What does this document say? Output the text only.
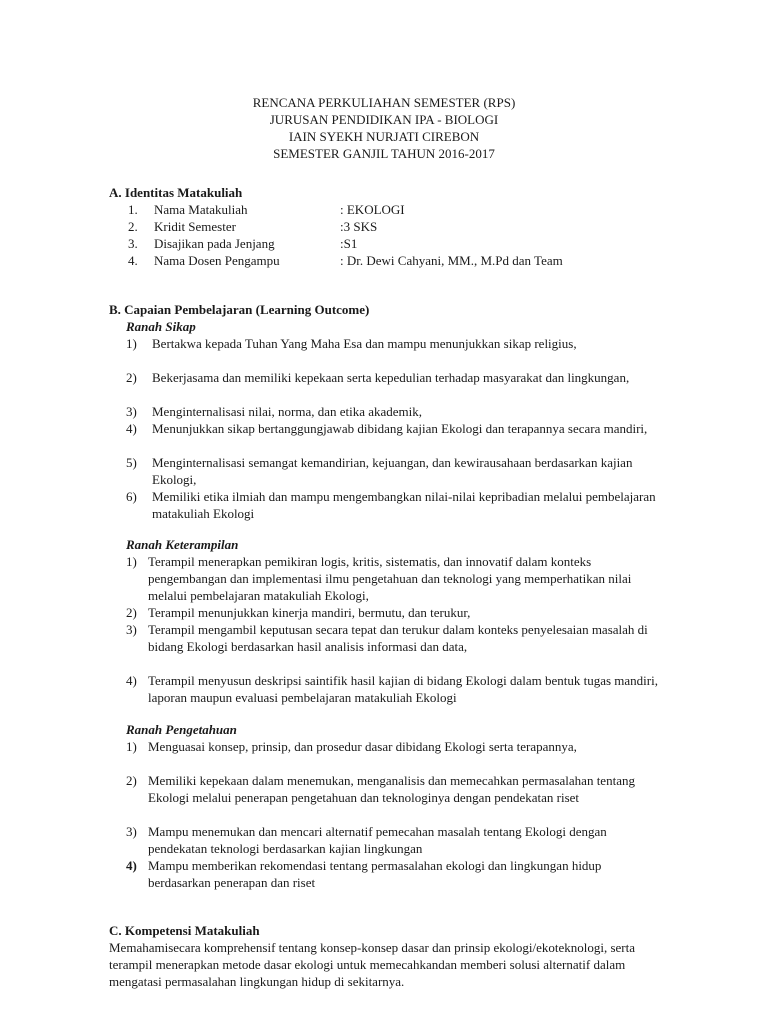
RENCANA PERKULIAHAN SEMESTER (RPS)
JURUSAN PENDIDIKAN IPA - BIOLOGI
IAIN SYEKH NURJATI CIREBON
SEMESTER GANJIL TAHUN 2016-2017
A. Identitas Matakuliah
1.	Nama Matakuliah	: EKOLOGI
2.	Kridit Semester	:3 SKS
3.	Disajikan pada Jenjang	:S1
4.	Nama Dosen Pengampu	: Dr. Dewi Cahyani, MM., M.Pd dan Team
B. Capaian Pembelajaran (Learning Outcome)
Ranah Sikap
1) Bertakwa kepada Tuhan Yang Maha Esa dan mampu menunjukkan sikap religius,
2) Bekerjasama dan memiliki kepekaan serta kepedulian terhadap masyarakat dan lingkungan,
3) Menginternalisasi nilai, norma, dan etika akademik,
4) Menunjukkan sikap bertanggungjawab dibidang kajian Ekologi dan terapannya secara mandiri,
5) Menginternalisasi semangat kemandirian, kejuangan, dan kewirausahaan berdasarkan kajian Ekologi,
6) Memiliki etika ilmiah dan mampu mengembangkan nilai-nilai kepribadian melalui pembelajaran matakuliah Ekologi
Ranah Keterampilan
1) Terampil menerapkan pemikiran logis, kritis, sistematis, dan innovatif dalam konteks pengembangan dan implementasi ilmu pengetahuan dan teknologi yang memperhatikan nilai melalui pembelajaran matakuliah Ekologi,
2) Terampil menunjukkan kinerja mandiri, bermutu, dan terukur,
3) Terampil mengambil keputusan secara tepat dan terukur dalam konteks penyelesaian masalah di bidang Ekologi berdasarkan hasil analisis informasi dan data,
4) Terampil menyusun deskripsi saintifik hasil kajian di bidang Ekologi dalam bentuk tugas mandiri, laporan maupun evaluasi pembelajaran matakuliah Ekologi
Ranah Pengetahuan
1) Menguasai konsep, prinsip, dan prosedur dasar dibidang Ekologi serta terapannya,
2) Memiliki kepekaan dalam menemukan, menganalisis dan memecahkan permasalahan tentang Ekologi melalui penerapan pengetahuan dan teknologinya dengan pendekatan riset
3) Mampu menemukan dan mencari alternatif pemecahan masalah tentang Ekologi dengan pendekatan teknologi berdasarkan kajian lingkungan
4) Mampu memberikan rekomendasi tentang permasalahan ekologi dan lingkungan hidup berdasarkan penerapan dan riset
C. Kompetensi Matakuliah
Memahamisecara komprehensif tentang konsep-konsep dasar dan prinsip ekologi/ekoteknologi, serta terampil menerapkan metode dasar ekologi untuk memecahkandan memberi solusi alternatif dalam mengatasi permasalahan lingkungan hidup di sekitarnya.
